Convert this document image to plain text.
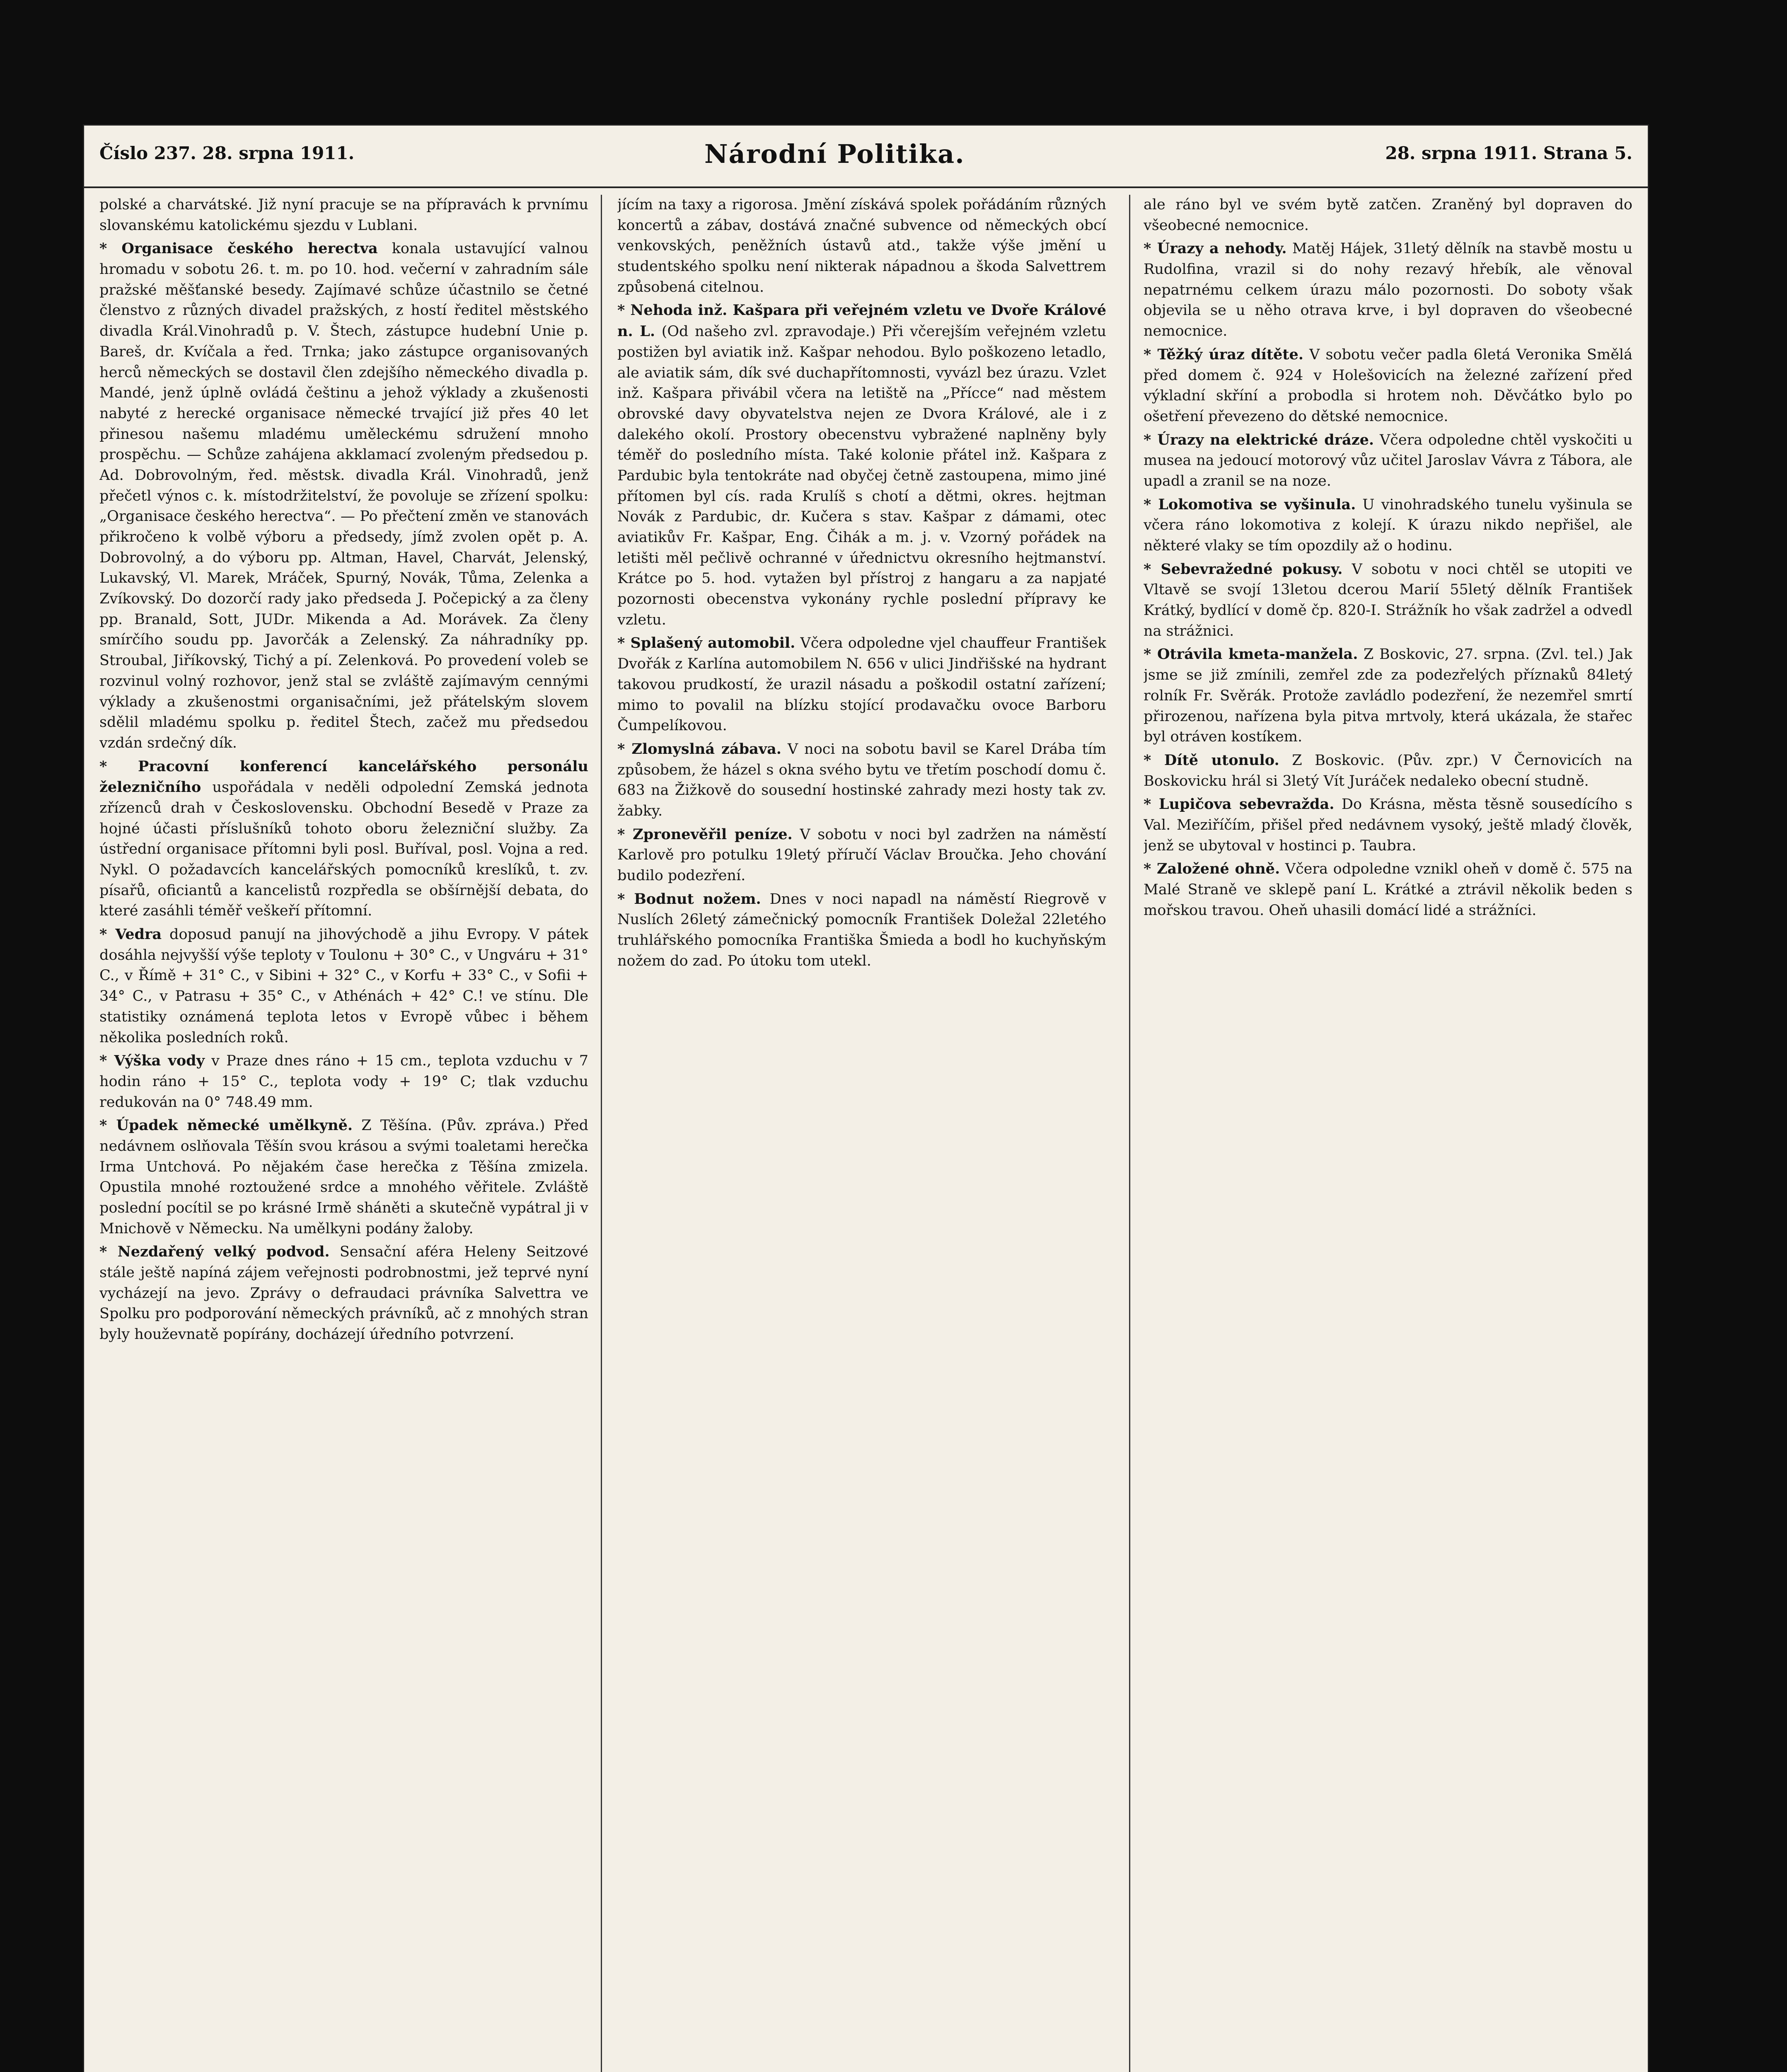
Číslo 237. 28. srpna 1911.	Národní Politika.	28. srpna 1911. Strana 5.

polské a charvátské. Již nyní pracuje se na přípravách k prvnímu slovanskému katolickému sjezdu v Lublani.

* Organisace českého herectva konala ustavující valnou hromadu v sobotu 26. t. m. po 10. hod. večerní v zahradním sále pražské měšťanské besedy. Zajímavé schůze účastnilo se četné členstvo z různých divadel pražských, z hostí ředitel městského divadla Král.Vinohradů p. V. Štech, zástupce hudební Unie p. Bareš, dr. Kvíčala a řed. Trnka; jako zástupce organisovaných herců německých se dostavil člen zdejšího německého divadla p. Mandé, jenž úplně ovládá češtinu a jehož výklady a zkušenosti nabyté z herecké organisace německé trvající již přes 40 let přinesou našemu mladému uměleckému sdružení mnoho prospěchu. — Schůze zahájena akklamací zvoleným předsedou p. Ad. Dobrovolným, řed. městsk. divadla Král. Vinohradů, jenž přečetl výnos c. k. místodržitelství, že povoluje se zřízení spolku: „Organisace českého herectva“. — Po přečtení změn ve stanovách přikročeno k volbě výboru a předsedy, jímž zvolen opět p. A. Dobrovolný, a do výboru pp. Altman, Havel, Charvát, Jelenský, Lukavský, Vl. Marek, Mráček, Spurný, Novák, Tůma, Zelenka a Zvíkovský. Do dozorčí rady jako předseda J. Počepický a za členy pp. Branald, Sott, JUDr. Mikenda a Ad. Morávek. Za členy smírčího soudu pp. Javorčák a Zelenský. Za náhradníky pp. Stroubal, Jiříkovský, Tichý a pí. Zelenková. Po provedení voleb se rozvinul volný rozhovor, jenž stal se zvláště zajímavým cennými výklady a zkušenostmi organisačními, jež přátelským slovem sdělil mladému spolku p. ředitel Štech, začež mu předsedou vzdán srdečný dík.

* Pracovní konferencí kancelářského personálu železničního uspořádala v neděli odpolední Zemská jednota zřízenců drah v Československu. Obchodní Besedě v Praze za hojné účasti příslušníků tohoto oboru železniční služby. Za ústřední organisace přítomni byli posl. Buříval, posl. Vojna a red. Nykl. O požadavcích kancelářských pomocníků kreslíků, t. zv. písařů, oficiantů a kancelistů rozpředla se obšírnější debata, do které zasáhli téměř veškeří přítomní.

* Vedra doposud panují na jihovýchodě a jihu Evropy. V pátek dosáhla nejvyšší výše teploty v Toulonu + 30° C., v Ungváru + 31° C., v Římě + 31° C., v Sibini + 32° C., v Korfu + 33° C., v Sofii + 34° C., v Patrasu + 35° C., v Athénách + 42° C.! ve stínu. Dle statistiky oznámená teplota letos v Evropě vůbec i během několika posledních roků.

* Výška vody v Praze dnes ráno + 15 cm., teplota vzduchu v 7 hodin ráno + 15° C., teplota vody + 19° C; tlak vzduchu redukován na 0° 748.49 mm.

* Úpadek německé umělkyně. Z Těšína. (Pův. zpráva.) Před nedávnem oslňovala Těšín svou krásou a svými toaletami herečka Irma Untchová. Po nějakém čase herečka z Těšína zmizela. Opustila mnohé roztoužené srdce a mnohého věřitele. Zvláště poslední pocítil se po krásné Irmě sháněti a skutečně vypátral ji v Mnichově v Německu. Na umělkyni podány žaloby.

* Nezdařený velký podvod. Sensační aféra Heleny Seitzové stále ještě napíná zájem veřejnosti podrobnostmi, jež teprvé nyní vycházejí na jevo. Zprávy o defraudaci právníka Salvettra ve Spolku pro podporování německých právníků, ač z mnohých stran byly houževnatě popírány, docházejí úředního potvrzení.

jícím na taxy a rigorosa. Jmění získává spolek pořádáním různých koncertů a zábav, dostává značné subvence od německých obcí venkovských, peněžních ústavů atd., takže výše jmění u studentského spolku není nikterak nápadnou a škoda Salvettrem způsobená citelnou.

* Nehoda inž. Kašpara při veřejném vzletu ve Dvoře Králové n. L. (Od našeho zvl. zpravodaje.) Při včerejším veřejném vzletu postižen byl aviatik inž. Kašpar nehodou. Bylo poškozeno letadlo, ale aviatik sám, dík své duchapřítomnosti, vyvázl bez úrazu. Vzlet inž. Kašpara přivábil včera na letiště na „Přícce“ nad městem obrovské davy obyvatelstva nejen ze Dvora Králové, ale i z dalekého okolí. Prostory obecenstvu vybražené naplněny byly téměř do posledního místa. Také kolonie přátel inž. Kašpara z Pardubic byla tentokráte nad obyčej četně zastoupena, mimo jiné přítomen byl cís. rada Krulíš s chotí a dětmi, okres. hejtman Novák z Pardubic, dr. Kučera s stav. Kašpar z dámami, otec aviatikův Fr. Kašpar, Eng. Čihák a m. j. v. Vzorný pořádek na letišti měl pečlivě ochranné v úřednictvu okresního hejtmanství. Krátce po 5. hod. vytažen byl přístroj z hangaru a za napjaté pozornosti obecenstva vykonány rychle poslední přípravy ke vzletu.

* Splašený automobil. Včera odpoledne vjel chauffeur František Dvořák z Karlína automobilem N. 656 v ulici Jindřišské na hydrant takovou prudkostí, že urazil násadu a poškodil ostatní zařízení; mimo to povalil na blízku stojící prodavačku ovoce Barboru Čumpelíkovou.

* Zlomyslná zábava. V noci na sobotu bavil se Karel Drába tím způsobem, že házel s okna svého bytu ve třetím poschodí domu č. 683 na Žižkově do sousední hostinské zahrady mezi hosty tak zv. žabky.

* Zpronevěřil peníze. V sobotu v noci byl zadržen na náměstí Karlově pro potulku 19letý příručí Václav Broučka. Jeho chování budilo podezření.

* Bodnut nožem. Dnes v noci napadl na náměstí Riegrově v Nuslích 26letý zámečnický pomocník František Doležal 22letého truhlářského pomocníka Františka Šmieda a bodl ho kuchyňským nožem do zad. Po útoku tom utekl.

ale ráno byl ve svém bytě zatčen. Zraněný byl dopraven do všeobecné nemocnice.

* Úrazy a nehody. Matěj Hájek, 31letý dělník na stavbě mostu u Rudolfina, vrazil si do nohy rezavý hřebík, ale věnoval nepatrnému celkem úrazu málo pozornosti. Do soboty však objevila se u něho otrava krve, i byl dopraven do všeobecné nemocnice.

* Těžký úraz dítěte. V sobotu večer padla 6letá Veronika Smělá před domem č. 924 v Holešovicích na železné zařízení před výkladní skříní a probodla si hrotem noh. Děvčátko bylo po ošetření převezeno do dětské nemocnice.

* Úrazy na elektrické dráze. Včera odpoledne chtěl vyskočiti u musea na jedoucí motorový vůz učitel Jaroslav Vávra z Tábora, ale upadl a zranil se na noze.

* Lokomotiva se vyšinula. U vinohradského tunelu vyšinula se včera ráno lokomotiva z kolejí. K úrazu nikdo nepřišel, ale některé vlaky se tím opozdily až o hodinu.

* Sebevražedné pokusy. V sobotu v noci chtěl se utopiti ve Vltavě se svojí 13letou dcerou Marií 55letý dělník František Krátký, bydlící v domě čp. 820-I. Strážník ho však zadržel a odvedl na strážnici.

* Otrávila kmeta-manžela. Z Boskovic, 27. srpna. (Zvl. tel.) Jak jsme se již zmínili, zemřel zde za podezřelých příznaků 84letý rolník Fr. Svěrák. Protože zavládlo podezření, že nezemřel smrtí přirozenou, nařízena byla pitva mrtvoly, která ukázala, že stařec byl otráven kostíkem.

* Dítě utonulo. Z Boskovic. (Pův. zpr.) V Černovicích na Boskovicku hrál si 3letý Vít Juráček nedaleko obecní studně.

* Lupičova sebevražda. Do Krásna, města těsně sousedícího s Val. Meziříčím, přišel před nedávnem vysoký, ještě mladý člověk, jenž se ubytoval v hostinci p. Taubra.

* Založené ohně. Včera odpoledne vznikl oheň v domě č. 575 na Malé Straně ve sklepě paní L. Krátké a ztrávil několik beden s mořskou travou. Oheň uhasili domácí lidé a strážníci.
